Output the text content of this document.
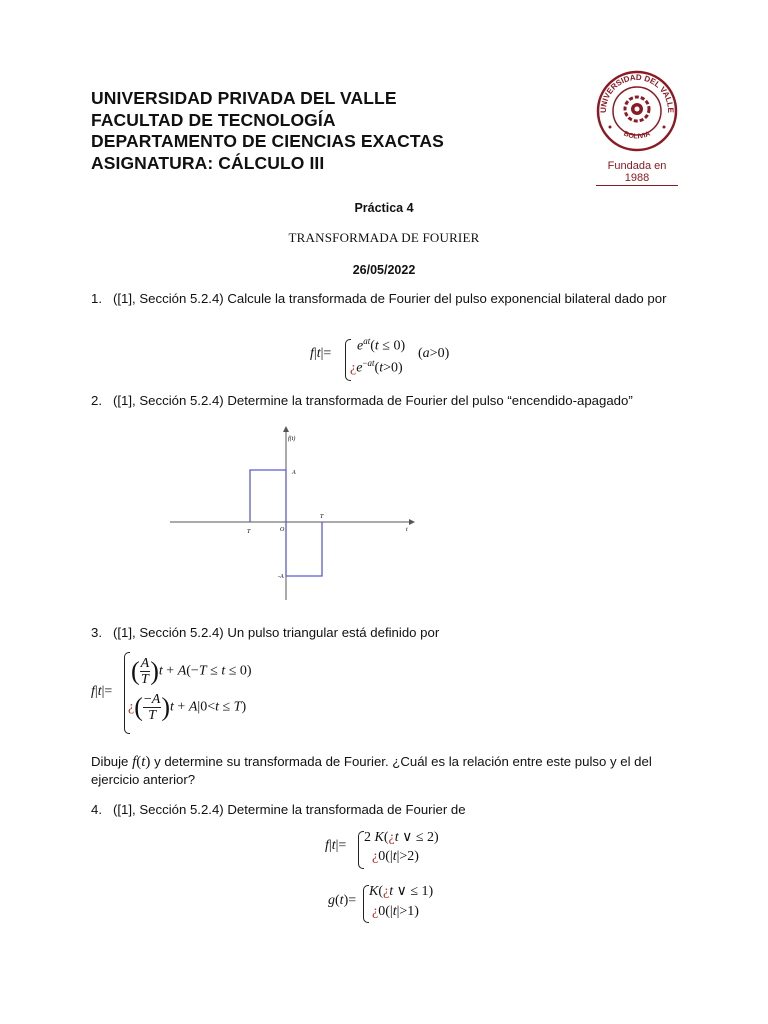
UNIVERSIDAD PRIVADA DEL VALLE
FACULTAD DE TECNOLOGÍA
DEPARTAMENTO DE CIENCIAS EXACTAS
ASIGNATURA: CÁLCULO III
UNIVERSIDAD DEL VALLE
BOLIVIA
Fundada en 1988
Práctica 4
TRANSFORMADA DE FOURIER
26/05/2022
1. ([1], Sección 5.2.4) Calcule la transformada de Fourier del pulso exponencial bilateral dado por
$f|t|= e^{at}(t \le 0)$
¿$e^{-at}(t>0)$
(a>0)
2. ([1], Sección 5.2.4) Determine la transformada de Fourier del pulso “encendido-apagado”
f(t)
t
A
-A
T
T
O
3. ([1], Sección 5.2.4) Un pulso triangular está definido por
f|t|=
( $\frac{A}{T} )t + A(-T \le t \le 0)$
¿( $\frac{-A}{T} )t + A|0<t \le T$)
Dibuje f(t) y determine su transformada de Fourier. ¿Cuál es la relación entre este pulso y el del ejercicio anterior?
4. ([1], Sección 5.2.4) Determine la transformada de Fourier de
f|t|=
2 K(¿t ∨ ≤ 2)
¿0(|t|>2)
g(t)=
K(¿t ∨ ≤ 1)
¿0(|t|>1)
